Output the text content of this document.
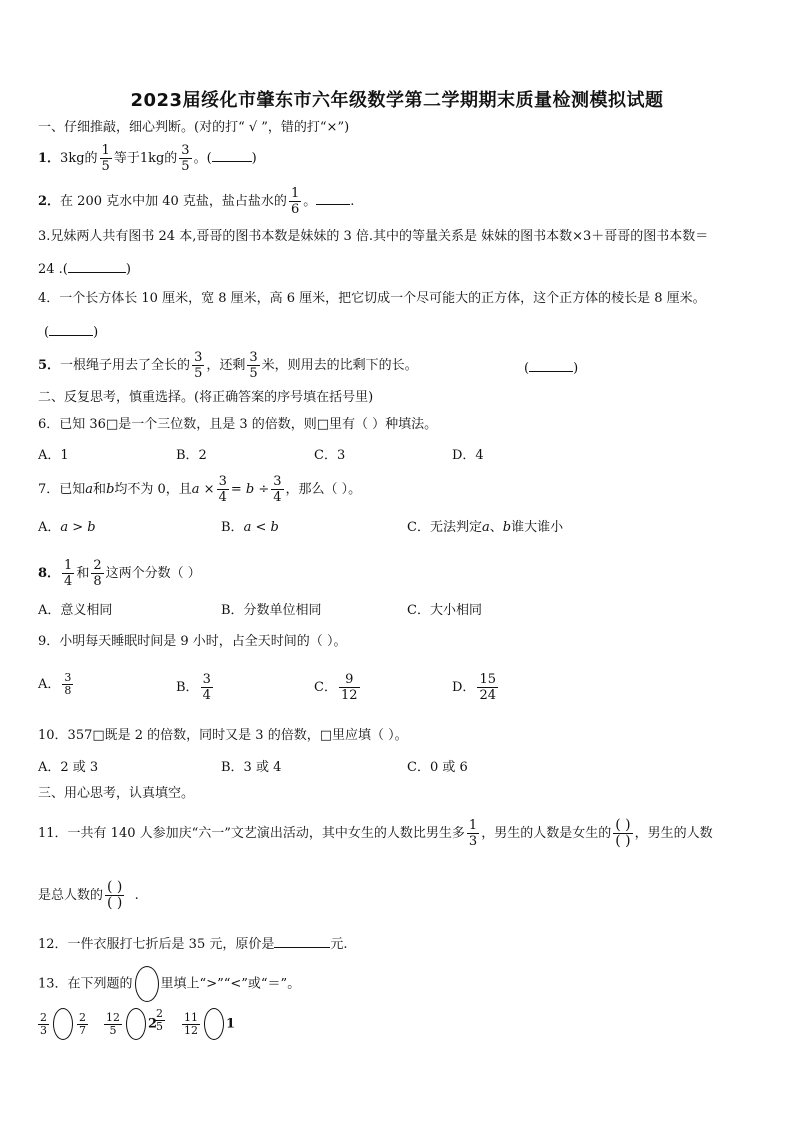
2023届绥化市肇东市六年级数学第二学期期末质量检测模拟试题
一、仔细推敲，细心判断。(对的打“ √ ”，错的打“×”)
1．3kg的 $\frac{1}{5}$ 等于1kg的 $\frac{3}{5}$ 。(	)
2．在 200 克水中加 40 克盐，盐占盐水的 $\frac{1}{6}$ 。	.
3.兄妹两人共有图书 24 本,哥哥的图书本数是妹妹的 3 倍.其中的等量关系是 妹妹的图书本数×3＋哥哥的图书本数＝
24 .(	)
4．一个长方体长 10 厘米，宽 8 厘米，高 6 厘米，把它切成一个尽可能大的正方体，这个正方体的棱长是 8 厘米。
(	)
5．一根绳子用去了全长的 $\frac{3}{5}$ ，还剩 $\frac{3}{5}$ 米，则用去的比剩下的长。	(	)
二、反复思考，慎重选择。(将正确答案的序号填在括号里)
6．已知 36□是一个三位数，且是 3 的倍数，则□里有（ ）种填法。
A．1	B．2	C．3	D．4
7．已知a和b均不为 0，且$a \times \frac{3}{4} = b \div \frac{3}{4}$ ，那么（ ）。
A．a > b	B．a < b	C．无法判定a、b谁大谁小
8． $\frac{1}{4}$ 和 $\frac{2}{8}$ 这两个分数（ ）
A．意义相同	B．分数单位相同	C．大小相同
9．小明每天睡眠时间是 9 小时，占全天时间的（ ）。
A． $\frac{3}{8}$	B． $\frac{3}{4}$	C． $\frac{9}{12}$	D． $\frac{15}{24}$
10．357□既是 2 的倍数，同时又是 3 的倍数，□里应填（ ）。
A．2 或 3	B．3 或 4	C．0 或 6
三、用心思考，认真填空。
11．一共有 140 人参加庆“六一”文艺演出活动，其中女生的人数比男生多 $\frac{1}{3}$ ，男生的人数是女生的 $\frac{( )}{( )}$ ，男生的人数
是总人数的 $\frac{( )}{( )}$ .
12．一件衣服打七折后是 35 元，原价是	元.
13．在下列题的 里填上“>”“<”或“＝”。
$\frac{2}{3}$	$\frac{2}{7} \frac{12}{5} 2$
$\frac{2}{5} \frac{11}{12} 1$
